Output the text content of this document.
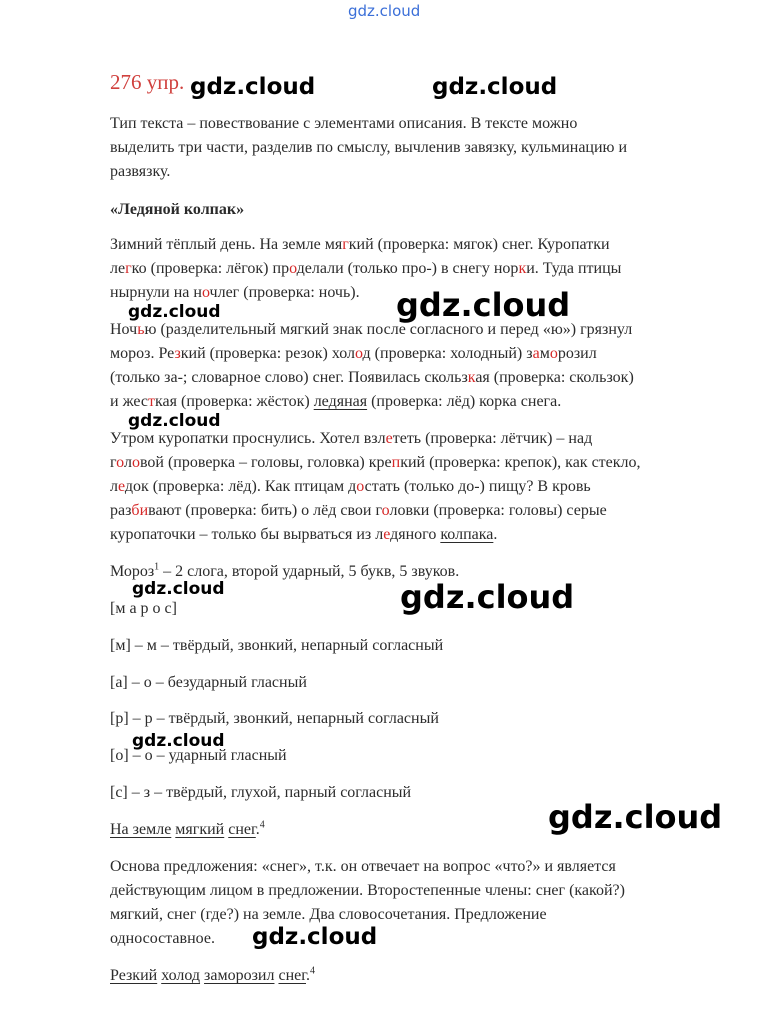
gdz.cloud
gdz.cloud	gdz.cloud
gdz.cloud
gdz.cloud
gdz.cloud
gdz.cloud	gdz.cloud
gdz.cloud
gdz.cloud
gdz.cloud
276 упр.
Тип текста – повествование с элементами описания. В тексте можно
выделить три части, разделив по смыслу, вычленив завязку, кульминацию и
развязку.
«Ледяной колпак»
Зимний тёплый день. На земле мягкий (проверка: мягок) снег. Куропатки
легко (проверка: лёгок) проделали (только про-) в снегу норки. Туда птицы
нырнули на ночлег (проверка: ночь).
Ночью (разделительный мягкий знак после согласного и перед «ю») грязнул
мороз. Резкий (проверка: резок) холод (проверка: холодный) заморозил
(только за-; словарное слово) снег. Появилась скользкая (проверка: скользок)
и жесткая (проверка: жёсток) ледяная (проверка: лёд) корка снега.
Утром куропатки проснулись. Хотел взлететь (проверка: лётчик) – над
головой (проверка – головы, головка) крепкий (проверка: крепок), как стекло,
ледок (проверка: лёд). Как птицам достать (только до-) пищу? В кровь
разбивают (проверка: бить) о лёд свои головки (проверка: головы) серые
куропаточки – только бы вырваться из ледяного колпака.
Мороз$^1$ – 2 слога, второй ударный, 5 букв, 5 звуков.
[м а р о с]
[м] – м – твёрдый, звонкий, непарный согласный
[а] – о – безударный гласный
[р] – р – твёрдый, звонкий, непарный согласный
[о] – о – ударный гласный
[с] – з – твёрдый, глухой, парный согласный
На земле мягкий снег.$^4$
Основа предложения: «снег», т.к. он отвечает на вопрос «что?» и является
действующим лицом в предложении. Второстепенные члены: снег (какой?)
мягкий, снег (где?) на земле. Два словосочетания. Предложение
односоставное.
Резкий холод заморозил снег.$^4$
